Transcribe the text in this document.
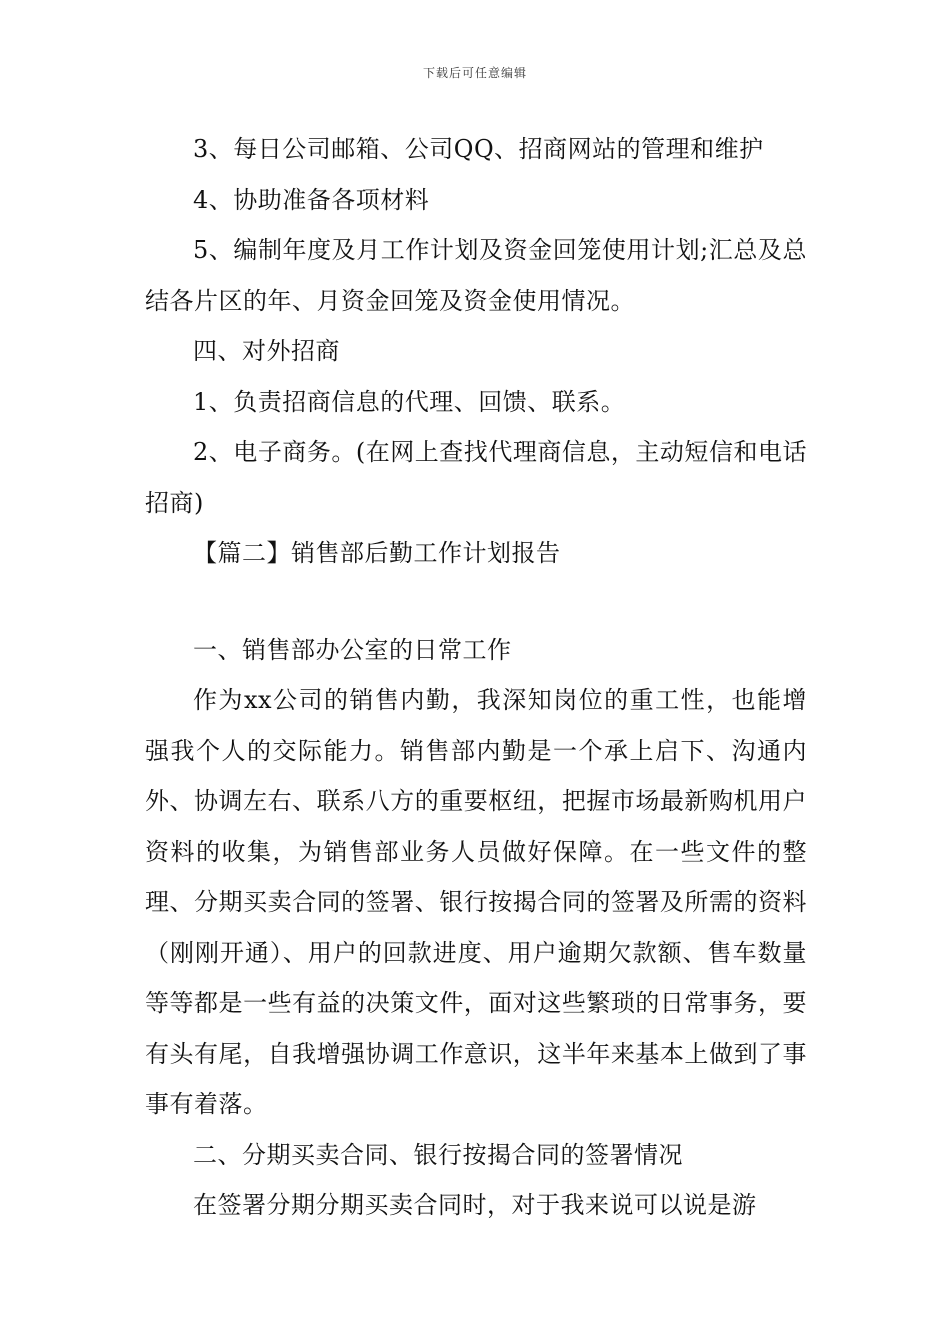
下载后可任意编辑

3、每日公司邮箱、公司QQ、招商网站的管理和维护

4、协助准备各项材料

5、编制年度及月工作计划及资金回笼使用计划;汇总及总结各片区的年、月资金回笼及资金使用情况。

四、对外招商

1、负责招商信息的代理、回馈、联系。

2、电子商务。(在网上查找代理商信息，主动短信和电话招商)

【篇二】销售部后勤工作计划报告

一、销售部办公室的日常工作

作为xx公司的销售内勤，我深知岗位的重工性，也能增强我个人的交际能力。销售部内勤是一个承上启下、沟通内外、协调左右、联系八方的重要枢纽，把握市场最新购机用户资料的收集，为销售部业务人员做好保障。在一些文件的整理、分期买卖合同的签署、银行按揭合同的签署及所需的资料（刚刚开通）、用户的回款进度、用户逾期欠款额、售车数量等等都是一些有益的决策文件，面对这些繁琐的日常事务，要有头有尾，自我增强协调工作意识，这半年来基本上做到了事事有着落。

二、分期买卖合同、银行按揭合同的签署情况

在签署分期分期买卖合同时，对于我来说可以说是游
